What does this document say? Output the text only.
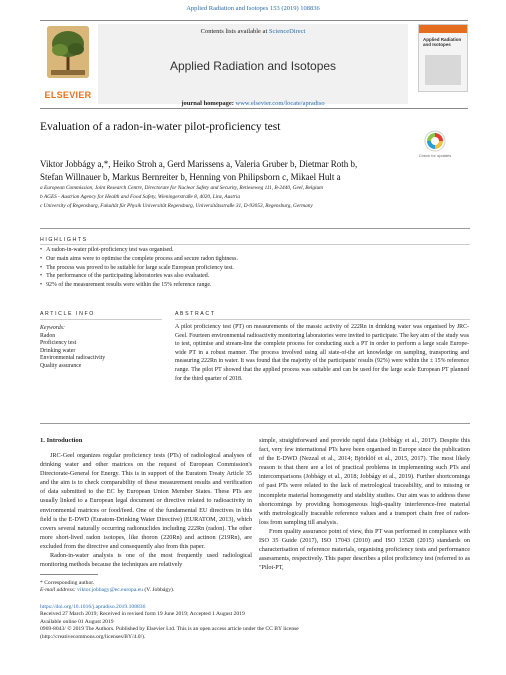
Applied Radiation and Isotopes 153 (2019) 108836
ELSEVIER
Contents lists available at ScienceDirect
Applied Radiation and Isotopes
journal homepage: www.elsevier.com/locate/apradiso
Applied Radiation and Isotopes
Evaluation of a radon-in-water pilot-proficiency test
Check for updates
Viktor Jobbágy a,*, Heiko Stroh a, Gerd Marissens a, Valeria Gruber b, Dietmar Roth b,
Stefan Willnauer b, Markus Bernreiter b, Henning von Philipsborn c, Mikael Hult a
a European Commission, Joint Research Centre, Directorate for Nuclear Safety and Security, Retieseweg 111, B-2440, Geel, Belgium
b AGES - Austrian Agency for Health and Food Safety, Wieningerstraße 8, 4020, Linz, Austria
c University of Regensburg, Fakultät für Physik Universität Regensburg, Universitätsstraße 31, D-93053, Regensburg, Germany
HIGHLIGHTS
• A radon-in-water pilot-proficiency test was organised.
• Our main aims were to optimise the complete process and secure radon tightness.
• The process was proved to be suitable for large scale European proficiency test.
• The performance of the participating laboratories was also evaluated.
• 92% of the measurement results were within the 15% reference range.
ARTICLE INFO	ABSTRACT
Keywords:
Radon
Proficiency test
Drinking water
Environmental radioactivity
Quality assurance
A pilot proficiency test (PT) on measurements of the massic activity of 222Rn in drinking water was organised by JRC-Geel. Fourteen environmental radioactivity monitoring laboratories were invited to participate. The key aim of the study was to test, optimise and stream-line the complete process for conducting such a PT in order to perform a large scale Europe-wide PT in a robust manner. The process involved using all state-of-the art knowledge on sampling, transporting and measuring 222Rn in water. It was found that the majority of the participants' results (92%) were within the ± 15% reference range. The pilot PT showed that the applied process was suitable and can be used for the large scale European PT planned for the third quarter of 2018.
1. Introduction

JRC-Geel organizes regular proficiency tests (PTs) of radiological analyses of drinking water and other matrices on the request of European Commission's Directorate-General for Energy. This is in support of the Euratom Treaty Article 35 and the aim is to check comparability of these measurement results and verification of data submitted to the EC by European Union Member States. These PTs are usually linked to a European legal document or directive related to radioactivity in environmental matrices or food/feed. One of the fundamental EU directives in this field is the E-DWD (Euratom-Drinking Water Directive) (EURATOM, 2013), which covers several naturally occurring radionuclides including 222Rn (radon). The other more short-lived radon isotopes, like thoron (220Rn) and actinon (219Rn), are excluded from the directive and consequently also from this paper.

Radon-in-water analysis is one of the most frequently used radiological monitoring methods because the techniques are relatively

simple, straightforward and provide rapid data (Jobbágy et al., 2017). Despite this fact, very few international PTs have been organised in Europe since the publication of the E-DWD (Nezzal et al., 2014; Björklöf et al., 2015, 2017). The most likely reason is that there are a lot of practical problems in implementing such PTs and intercomparisons (Jobbágy et al., 2018; Jobbágy et al., 2019). Further shortcomings of past PTs were related to the lack of metrological traceability, and to missing or incomplete material homogeneity and stability studies. Our aim was to address these shortcomings by providing homogeneous high-quality interference-free material with metrologically traceable reference values and a transport chain free of radon-loss from sampling till analysis.

From quality assurance point of view, this PT was performed in compliance with ISO 35 Guide (2017), ISO 17043 (2010) and ISO 13528 (2015) standards on characterisation of reference materials, organising proficiency tests and performance assessments, respectively. This paper describes a pilot proficiency test (referred to as "Pilot-PT,

* Corresponding author.
E-mail address: viktor.jobbagy@ec.europa.eu (V. Jobbágy).
https://doi.org/10.1016/j.apradiso.2019.108836
Received 27 March 2019; Received in revised form 19 June 2019; Accepted 1 August 2019
Available online 01 August 2019
0969-8043/ © 2019 The Authors. Published by Elsevier Ltd. This is an open access article under the CC BY license
(http://creativecommons.org/licenses/BY/4.0/).
